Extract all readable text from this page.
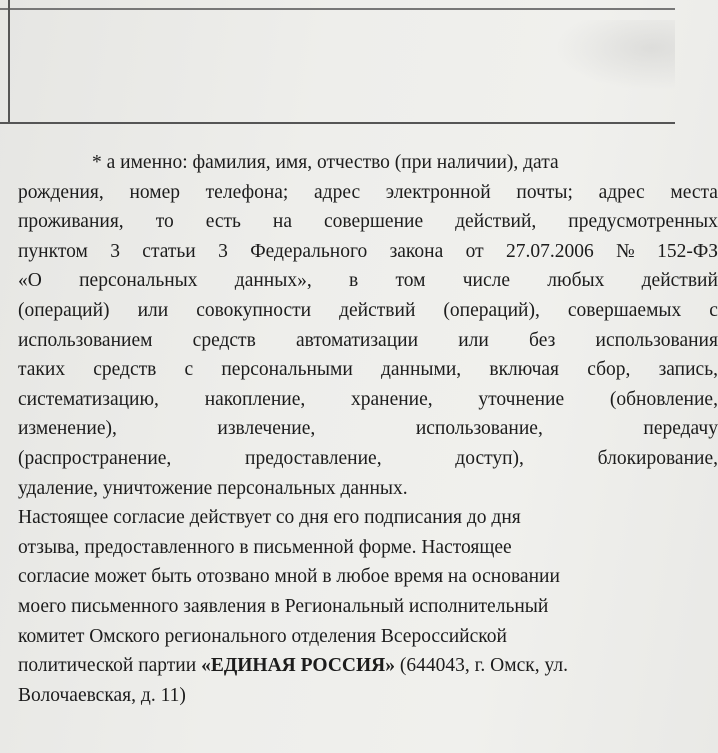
* а именно: фамилия, имя, отчество (при наличии), дата
рождения, номер телефона; адрес электронной почты; адрес места
проживания, то есть на совершение действий, предусмотренных
пунктом 3 статьи 3 Федерального закона от 27.07.2006 № 152-ФЗ
«О персональных данных», в том числе любых действий
(операций) или совокупности действий (операций), совершаемых с
использованием средств автоматизации или без использования
таких средств с персональными данными, включая сбор, запись,
систематизацию, накопление, хранение, уточнение (обновление,
изменение),	извлечение,	использование,	передачу
(распространение,	предоставление,	доступ),	блокирование,
удаление, уничтожение персональных данных.
Настоящее согласие действует со дня его подписания до дня
отзыва, предоставленного в письменной форме. Настоящее
согласие может быть отозвано мной в любое время на основании
моего письменного заявления в Региональный исполнительный
комитет Омского регионального отделения Всероссийской
политической партии «ЕДИНАЯ РОССИЯ» (644043, г. Омск, ул.
Волочаевская, д. 11)
